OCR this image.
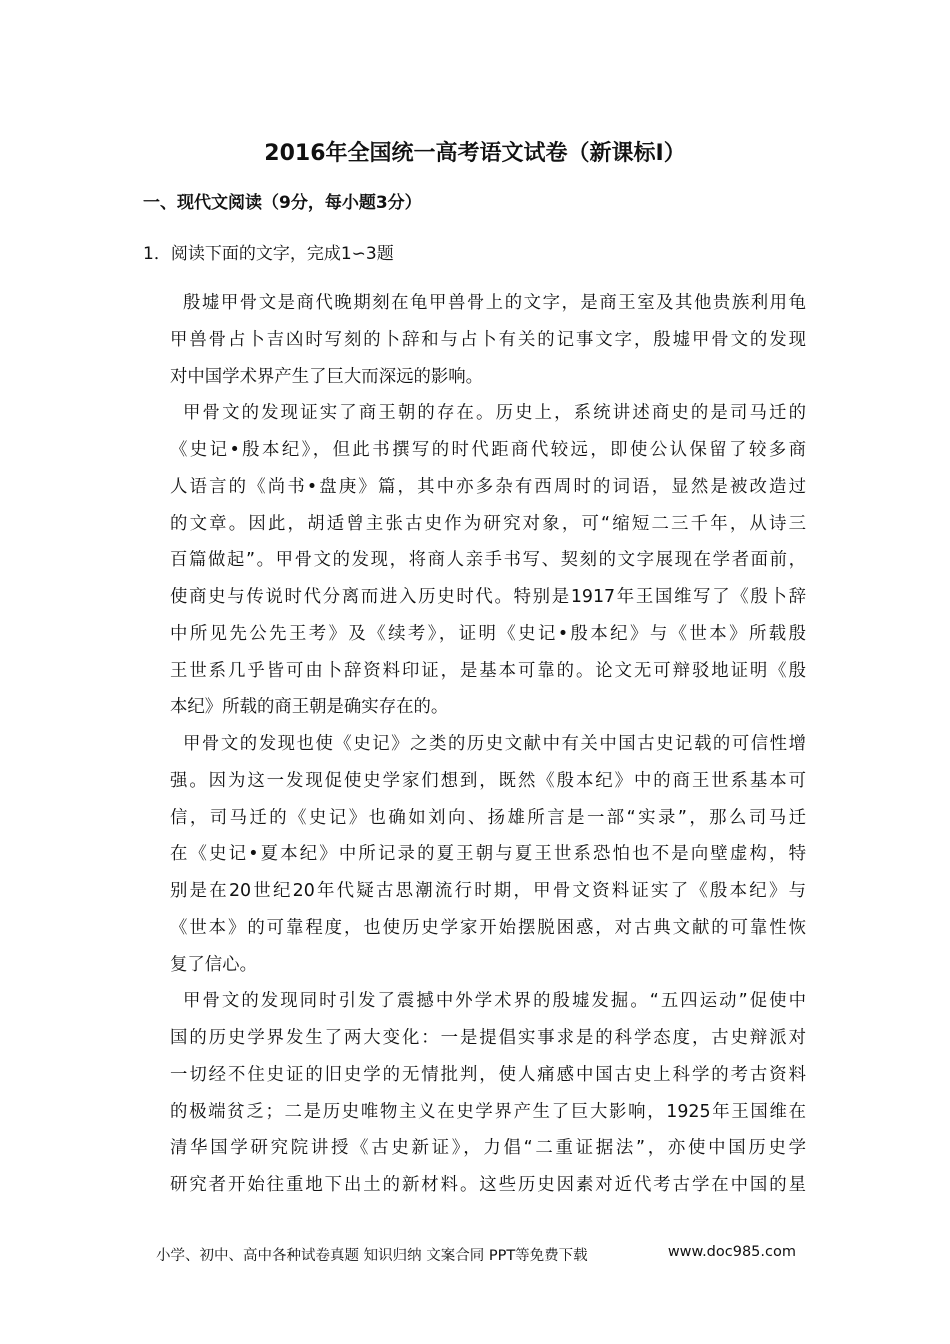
2016年全国统一高考语文试卷（新课标Ⅰ）
一、现代文阅读（9分，每小题3分）
1．阅读下面的文字，完成1∽3题
殷墟甲骨文是商代晚期刻在龟甲兽骨上的文字，是商王室及其他贵族利用龟
甲兽骨占卜吉凶时写刻的卜辞和与占卜有关的记事文字，殷墟甲骨文的发现
对中国学术界产生了巨大而深远的影响。
甲骨文的发现证实了商王朝的存在。历史上，系统讲述商史的是司马迁的
《史记•殷本纪》，但此书撰写的时代距商代较远，即使公认保留了较多商
人语言的《尚书•盘庚》篇，其中亦多杂有西周时的词语，显然是被改造过
的文章。因此，胡适曾主张古史作为研究对象，可“缩短二三千年，从诗三
百篇做起”。甲骨文的发现，将商人亲手书写、契刻的文字展现在学者面前，
使商史与传说时代分离而进入历史时代。特别是1917年王国维写了《殷卜辞
中所见先公先王考》及《续考》，证明《史记•殷本纪》与《世本》所载殷
王世系几乎皆可由卜辞资料印证，是基本可靠的。论文无可辩驳地证明《殷
本纪》所载的商王朝是确实存在的。
甲骨文的发现也使《史记》之类的历史文献中有关中国古史记载的可信性增
强。因为这一发现促使史学家们想到，既然《殷本纪》中的商王世系基本可
信，司马迁的《史记》也确如刘向、扬雄所言是一部“实录”，那么司马迁
在《史记•夏本纪》中所记录的夏王朝与夏王世系恐怕也不是向壁虚构，特
别是在20世纪20年代疑古思潮流行时期，甲骨文资料证实了《殷本纪》与
《世本》的可靠程度，也使历史学家开始摆脱困惑，对古典文献的可靠性恢
复了信心。
甲骨文的发现同时引发了震撼中外学术界的殷墟发掘。“五四运动”促使中
国的历史学界发生了两大变化：一是提倡实事求是的科学态度，古史辩派对
一切经不住史证的旧史学的无情批判，使人痛感中国古史上科学的考古资料
的极端贫乏；二是历史唯物主义在史学界产生了巨大影响，1925年王国维在
清华国学研究院讲授《古史新证》，力倡“二重证据法”，亦使中国历史学
研究者开始往重地下出土的新材料。这些历史因素对近代考古学在中国的星
小学、初中、高中各种试卷真题 知识归纳 文案合同 PPT等免费下载	www.doc985.com
